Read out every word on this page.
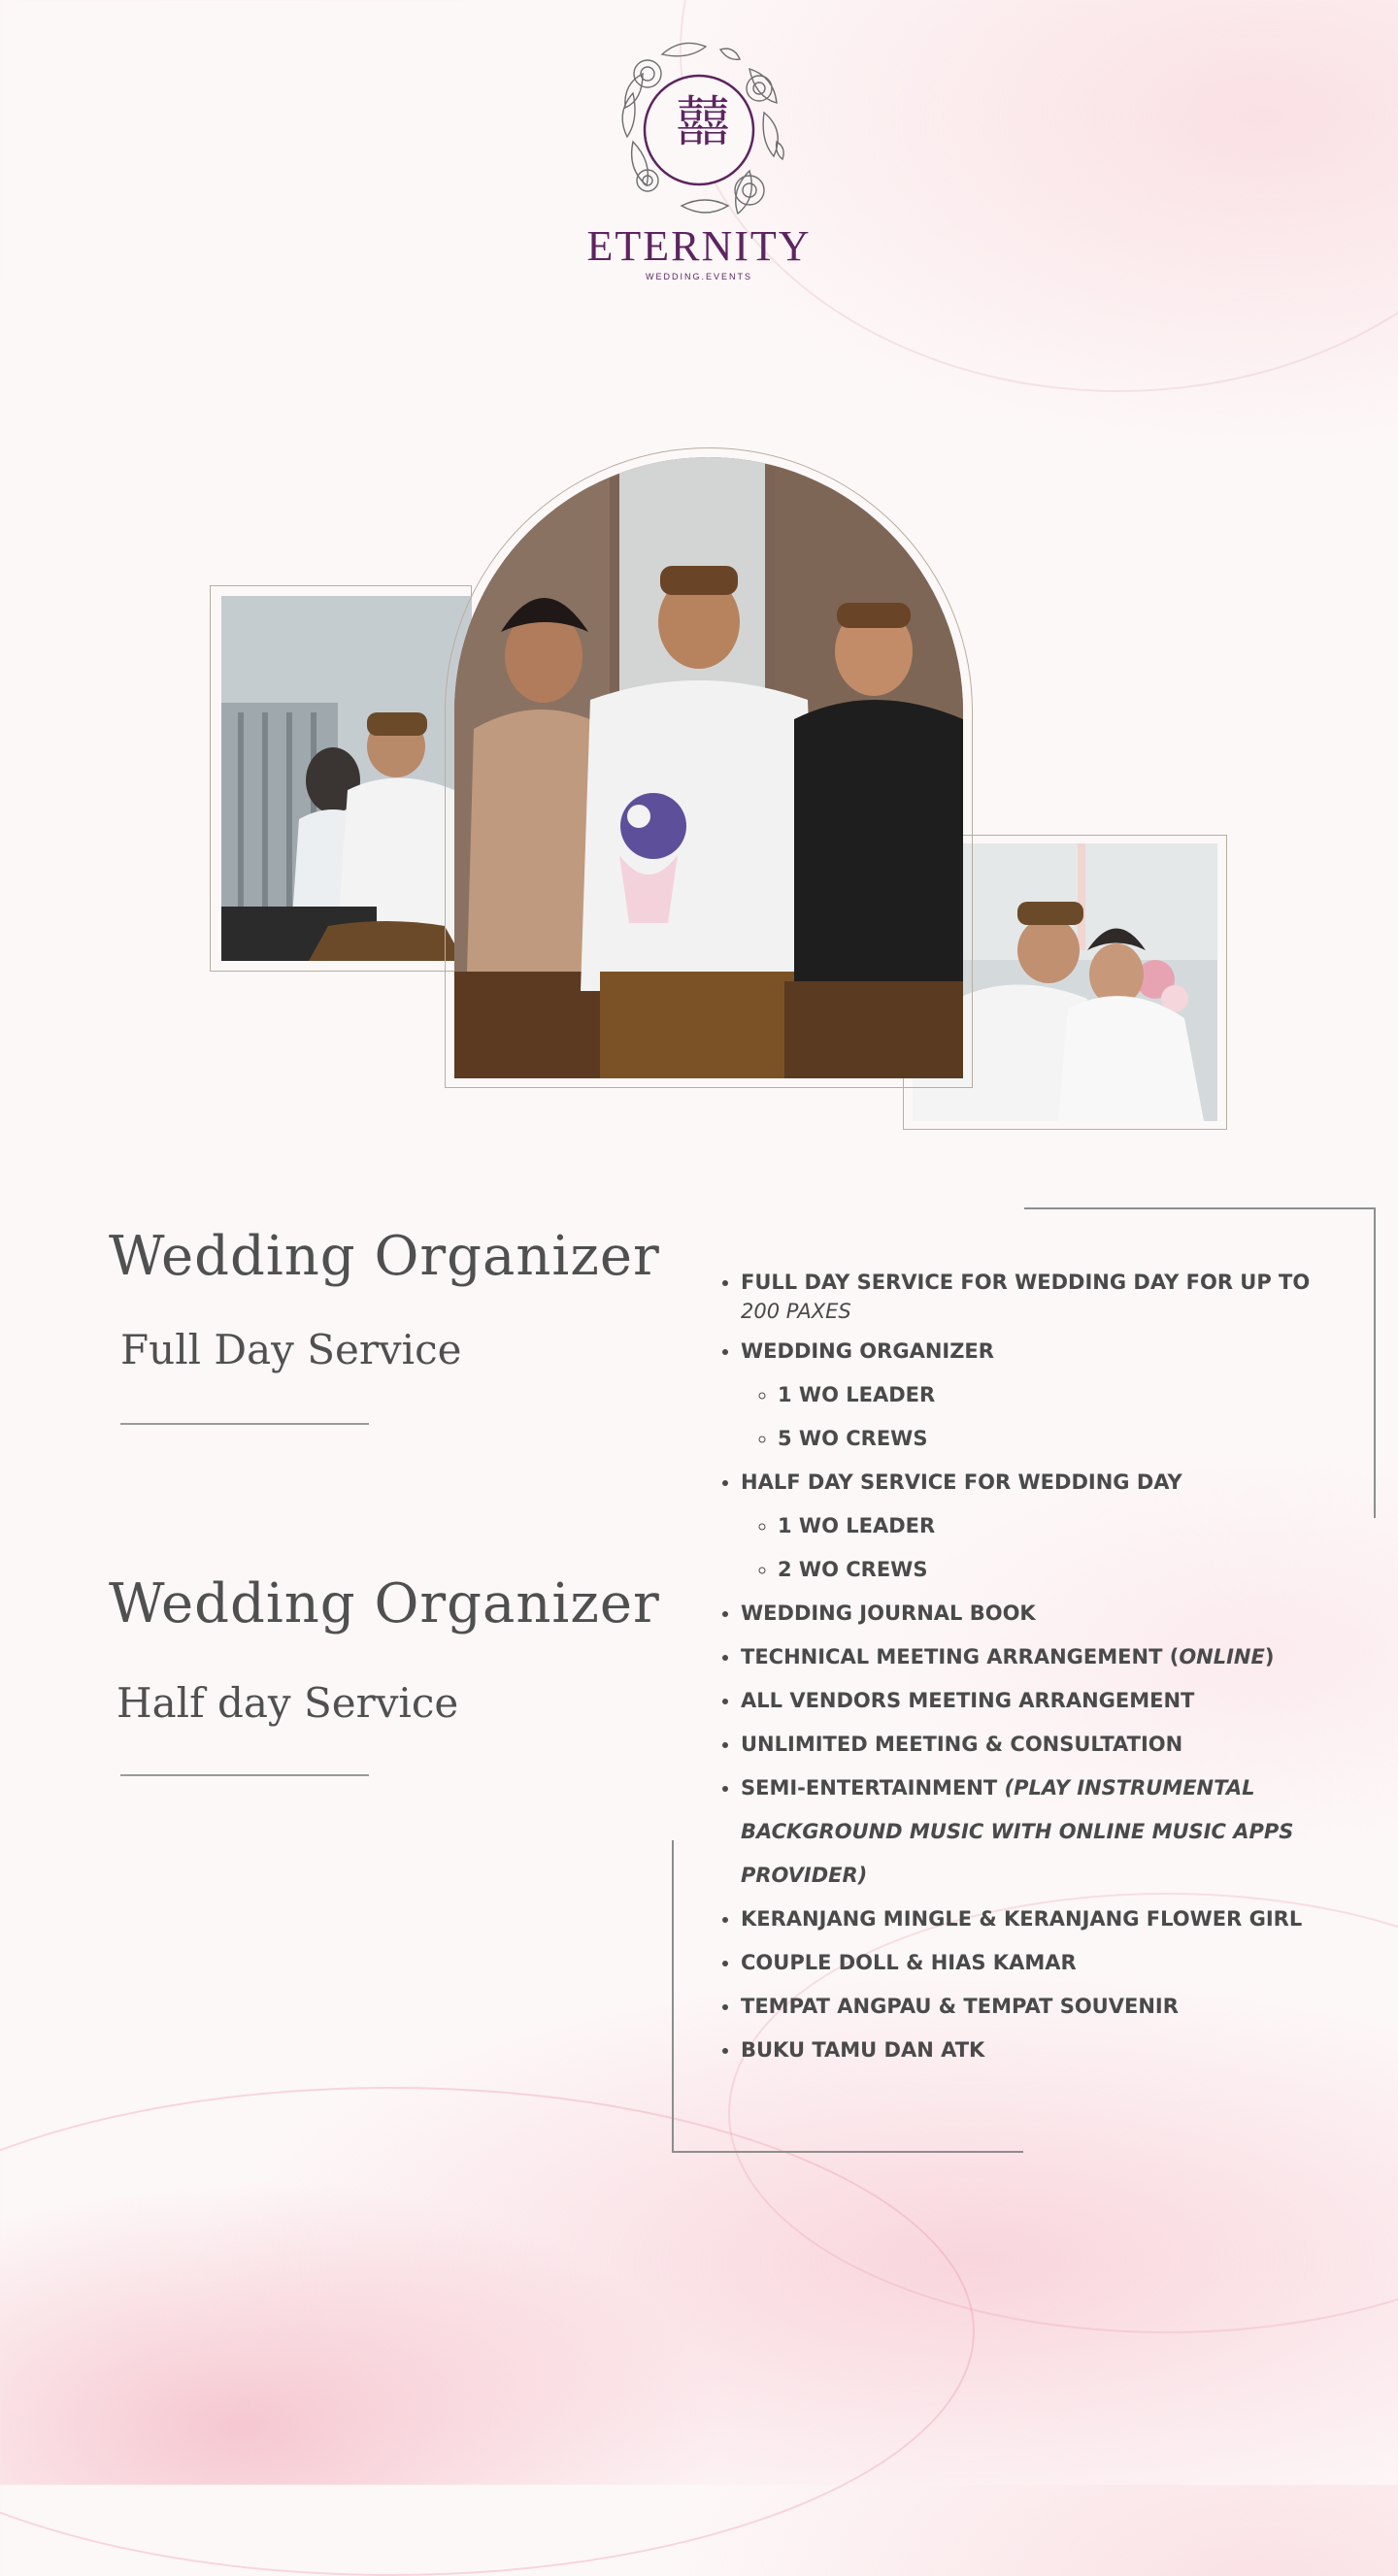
囍
ETERNITY
WEDDING.EVENTS
Wedding Organizer
Full Day Service
Wedding Organizer
Half day Service
• FULL DAY SERVICE FOR WEDDING DAY FOR UP TO
200 PAXES
• WEDDING ORGANIZER
◦ 1 WO LEADER
◦ 5 WO CREWS
• HALF DAY SERVICE FOR WEDDING DAY
◦ 1 WO LEADER
◦ 2 WO CREWS
• WEDDING JOURNAL BOOK
• TECHNICAL MEETING ARRANGEMENT (ONLINE)
• ALL VENDORS MEETING ARRANGEMENT
• UNLIMITED MEETING & CONSULTATION
• SEMI-ENTERTAINMENT (PLAY INSTRUMENTAL BACKGROUND MUSIC WITH ONLINE MUSIC APPS PROVIDER)
• KERANJANG MINGLE & KERANJANG FLOWER GIRL
• COUPLE DOLL & HIAS KAMAR
• TEMPAT ANGPAU & TEMPAT SOUVENIR
• BUKU TAMU DAN ATK
